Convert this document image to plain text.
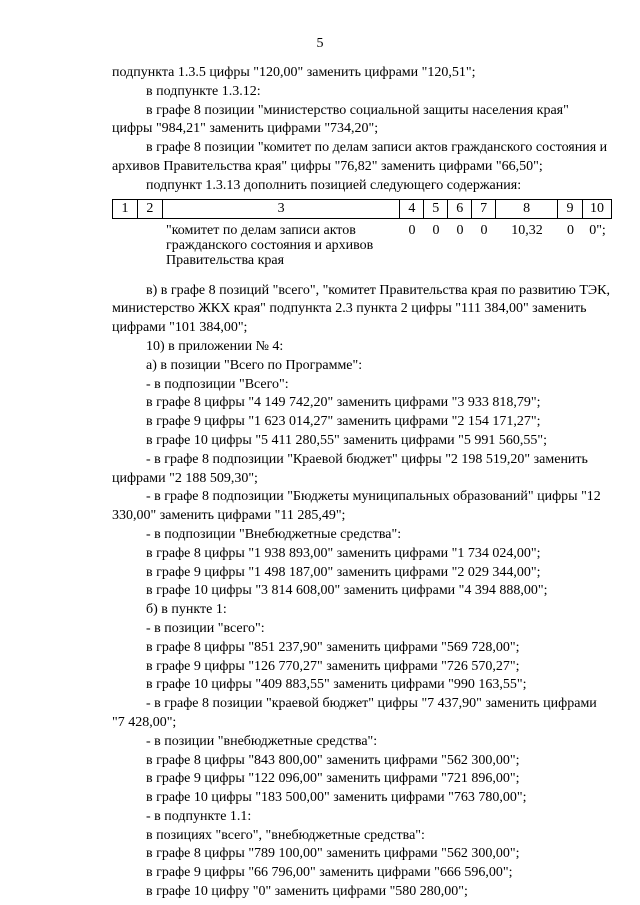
5

подпункта 1.3.5 цифры "120,00" заменить цифрами "120,51";

в подпункте 1.3.12:

в графе 8 позиции "министерство социальной защиты населения края" цифры "984,21" заменить цифрами "734,20";

в графе 8 позиции "комитет по делам записи актов гражданского состояния и архивов Правительства края" цифры "76,82" заменить цифрами "66,50";

подпункт 1.3.13 дополнить позицией следующего содержания:

1	2	3	4	5	6	7	8	9	10
		"комитет по делам записи актов гражданского состояния и архивов Правительства края	0	0	0	0	10,32	0	0";

в) в графе 8 позиций "всего", "комитет Правительства края по развитию ТЭК, министерство ЖКХ края" подпункта 2.3 пункта 2 цифры "111 384,00" заменить цифрами "101 384,00";

10) в приложении № 4:

а) в позиции "Всего по Программе":

- в подпозиции "Всего":

в графе 8 цифры "4 149 742,20" заменить цифрами "3 933 818,79";

в графе 9 цифры "1 623 014,27" заменить цифрами "2 154 171,27";

в графе 10 цифры "5 411 280,55" заменить цифрами "5 991 560,55";

- в графе 8 подпозиции "Краевой бюджет" цифры "2 198 519,20" заменить цифрами "2 188 509,30";

- в графе 8 подпозиции "Бюджеты муниципальных образований" цифры "12 330,00" заменить цифрами "11 285,49";

- в подпозиции "Внебюджетные средства":

в графе 8 цифры "1 938 893,00" заменить цифрами "1 734 024,00";

в графе 9 цифры "1 498 187,00" заменить цифрами "2 029 344,00";

в графе 10 цифры "3 814 608,00" заменить цифрами "4 394 888,00";

б) в пункте 1:

- в позиции "всего":

в графе 8 цифры "851 237,90" заменить цифрами "569 728,00";

в графе 9 цифры "126 770,27" заменить цифрами "726 570,27";

в графе 10 цифры "409 883,55" заменить цифрами "990 163,55";

- в графе 8 позиции "краевой бюджет" цифры "7 437,90" заменить цифрами "7 428,00";

- в позиции "внебюджетные средства":

в графе 8 цифры "843 800,00" заменить цифрами "562 300,00";

в графе 9 цифры "122 096,00" заменить цифрами "721 896,00";

в графе 10 цифры "183 500,00" заменить цифрами "763 780,00";

- в подпункте 1.1:

в позициях "всего", "внебюджетные средства":

в графе 8 цифры "789 100,00" заменить цифрами "562 300,00";

в графе 9 цифры "66 796,00" заменить цифрами "666 596,00";

в графе 10 цифру "0" заменить цифрами "580 280,00";
